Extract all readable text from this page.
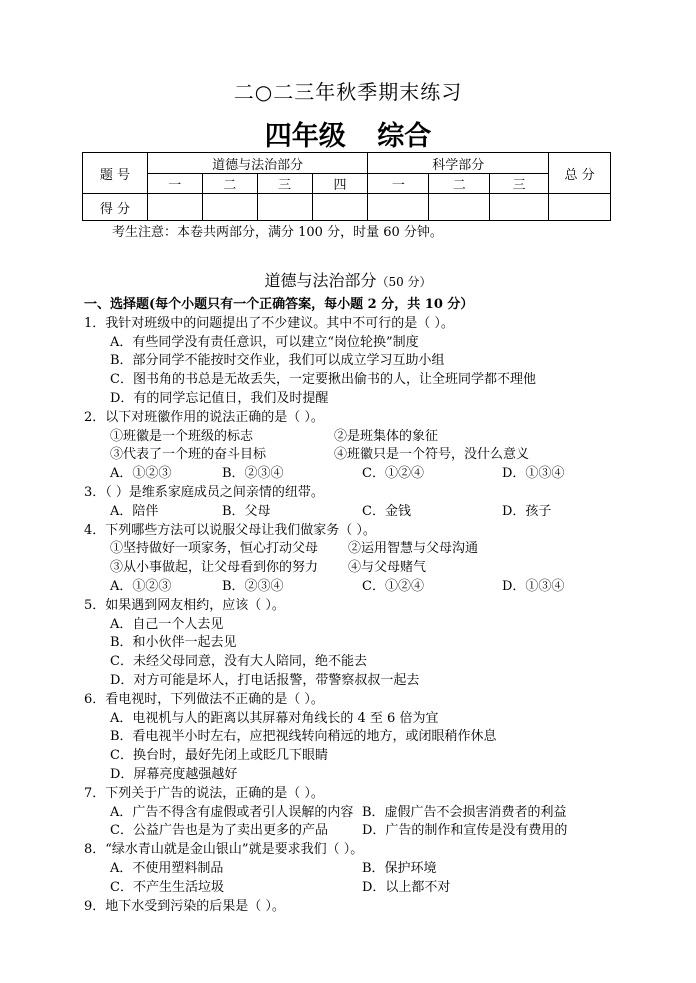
二○二三年秋季期末练习
四年级 综合
题 号	道德与法治部分				科学部分			总 分
	一	二	三	四	一	二	三	
得 分								
考生注意：本卷共两部分，满分 100 分，时量 60 分钟。
道德与法治部分（50 分）
一、选择题(每个小题只有一个正确答案，每小题 2 分，共 10 分）
1．我针对班级中的问题提出了不少建议。其中不可行的是（ ）。
A．有些同学没有责任意识，可以建立“岗位轮换”制度
B．部分同学不能按时交作业，我们可以成立学习互助小组
C．图书角的书总是无故丢失，一定要揪出偷书的人，让全班同学都不理他
D．有的同学忘记值日，我们及时提醒
2．以下对班徽作用的说法正确的是（ ）。
①班徽是一个班级的标志	②是班集体的象征
③代表了一个班的奋斗目标	④班徽只是一个符号，没什么意义
A．①②③	B．②③④	C．①②④	D．①③④
3．（ ）是维系家庭成员之间亲情的纽带。
A．陪伴	B．父母	C．金钱	D．孩子
4．下列哪些方法可以说服父母让我们做家务（ ）。
①坚持做好一项家务，恒心打动父母 ②运用智慧与父母沟通
③从小事做起，让父母看到你的努力 ④与父母赌气
A．①②③	B．②③④	C．①②④	D．①③④
5．如果遇到网友相约，应该（ ）。
A．自己一个人去见
B．和小伙伴一起去见
C．未经父母同意，没有大人陪同，绝不能去
D．对方可能是坏人，打电话报警，带警察叔叔一起去
6．看电视时，下列做法不正确的是（ ）。
A．电视机与人的距离以其屏幕对角线长的 4 至 6 倍为宜
B．看电视半小时左右，应把视线转向稍远的地方，或闭眼稍作休息
C．换台时，最好先闭上或眨几下眼睛
D．屏幕亮度越强越好
7．下列关于广告的说法，正确的是（ ）。
A．广告不得含有虚假或者引人误解的内容 B．虚假广告不会损害消费者的利益
C．公益广告也是为了卖出更多的产品	D．广告的制作和宣传是没有费用的
8．“绿水青山就是金山银山”就是要求我们（ ）。
A．不使用塑料制品	B．保护环境
C．不产生生活垃圾	D．以上都不对
9．地下水受到污染的后果是（ ）。
